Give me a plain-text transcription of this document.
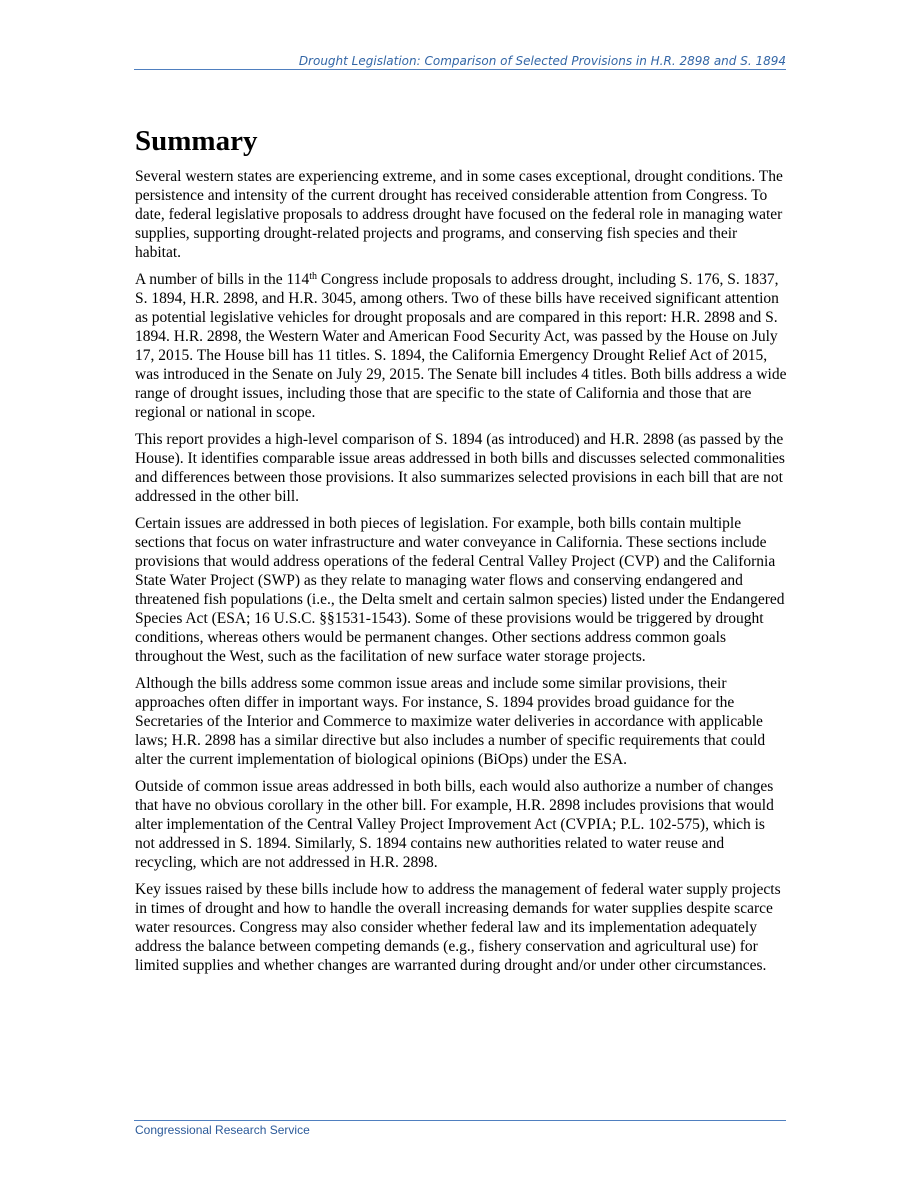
Drought Legislation: Comparison of Selected Provisions in H.R. 2898 and S. 1894
Summary

Several western states are experiencing extreme, and in some cases exceptional, drought conditions. The persistence and intensity of the current drought has received considerable attention from Congress. To date, federal legislative proposals to address drought have focused on the federal role in managing water supplies, supporting drought-related projects and programs, and conserving fish species and their habitat.

A number of bills in the 114th Congress include proposals to address drought, including S. 176, S. 1837, S. 1894, H.R. 2898, and H.R. 3045, among others. Two of these bills have received significant attention as potential legislative vehicles for drought proposals and are compared in this report: H.R. 2898 and S. 1894. H.R. 2898, the Western Water and American Food Security Act, was passed by the House on July 17, 2015. The House bill has 11 titles. S. 1894, the California Emergency Drought Relief Act of 2015, was introduced in the Senate on July 29, 2015. The Senate bill includes 4 titles. Both bills address a wide range of drought issues, including those that are specific to the state of California and those that are regional or national in scope.

This report provides a high-level comparison of S. 1894 (as introduced) and H.R. 2898 (as passed by the House). It identifies comparable issue areas addressed in both bills and discusses selected commonalities and differences between those provisions. It also summarizes selected provisions in each bill that are not addressed in the other bill.

Certain issues are addressed in both pieces of legislation. For example, both bills contain multiple sections that focus on water infrastructure and water conveyance in California. These sections include provisions that would address operations of the federal Central Valley Project (CVP) and the California State Water Project (SWP) as they relate to managing water flows and conserving endangered and threatened fish populations (i.e., the Delta smelt and certain salmon species) listed under the Endangered Species Act (ESA; 16 U.S.C. §§1531-1543). Some of these provisions would be triggered by drought conditions, whereas others would be permanent changes. Other sections address common goals throughout the West, such as the facilitation of new surface water storage projects.

Although the bills address some common issue areas and include some similar provisions, their approaches often differ in important ways. For instance, S. 1894 provides broad guidance for the Secretaries of the Interior and Commerce to maximize water deliveries in accordance with applicable laws; H.R. 2898 has a similar directive but also includes a number of specific requirements that could alter the current implementation of biological opinions (BiOps) under the ESA.

Outside of common issue areas addressed in both bills, each would also authorize a number of changes that have no obvious corollary in the other bill. For example, H.R. 2898 includes provisions that would alter implementation of the Central Valley Project Improvement Act (CVPIA; P.L. 102-575), which is not addressed in S. 1894. Similarly, S. 1894 contains new authorities related to water reuse and recycling, which are not addressed in H.R. 2898.

Key issues raised by these bills include how to address the management of federal water supply projects in times of drought and how to handle the overall increasing demands for water supplies despite scarce water resources. Congress may also consider whether federal law and its implementation adequately address the balance between competing demands (e.g., fishery conservation and agricultural use) for limited supplies and whether changes are warranted during drought and/or under other circumstances.

Congressional Research Service
